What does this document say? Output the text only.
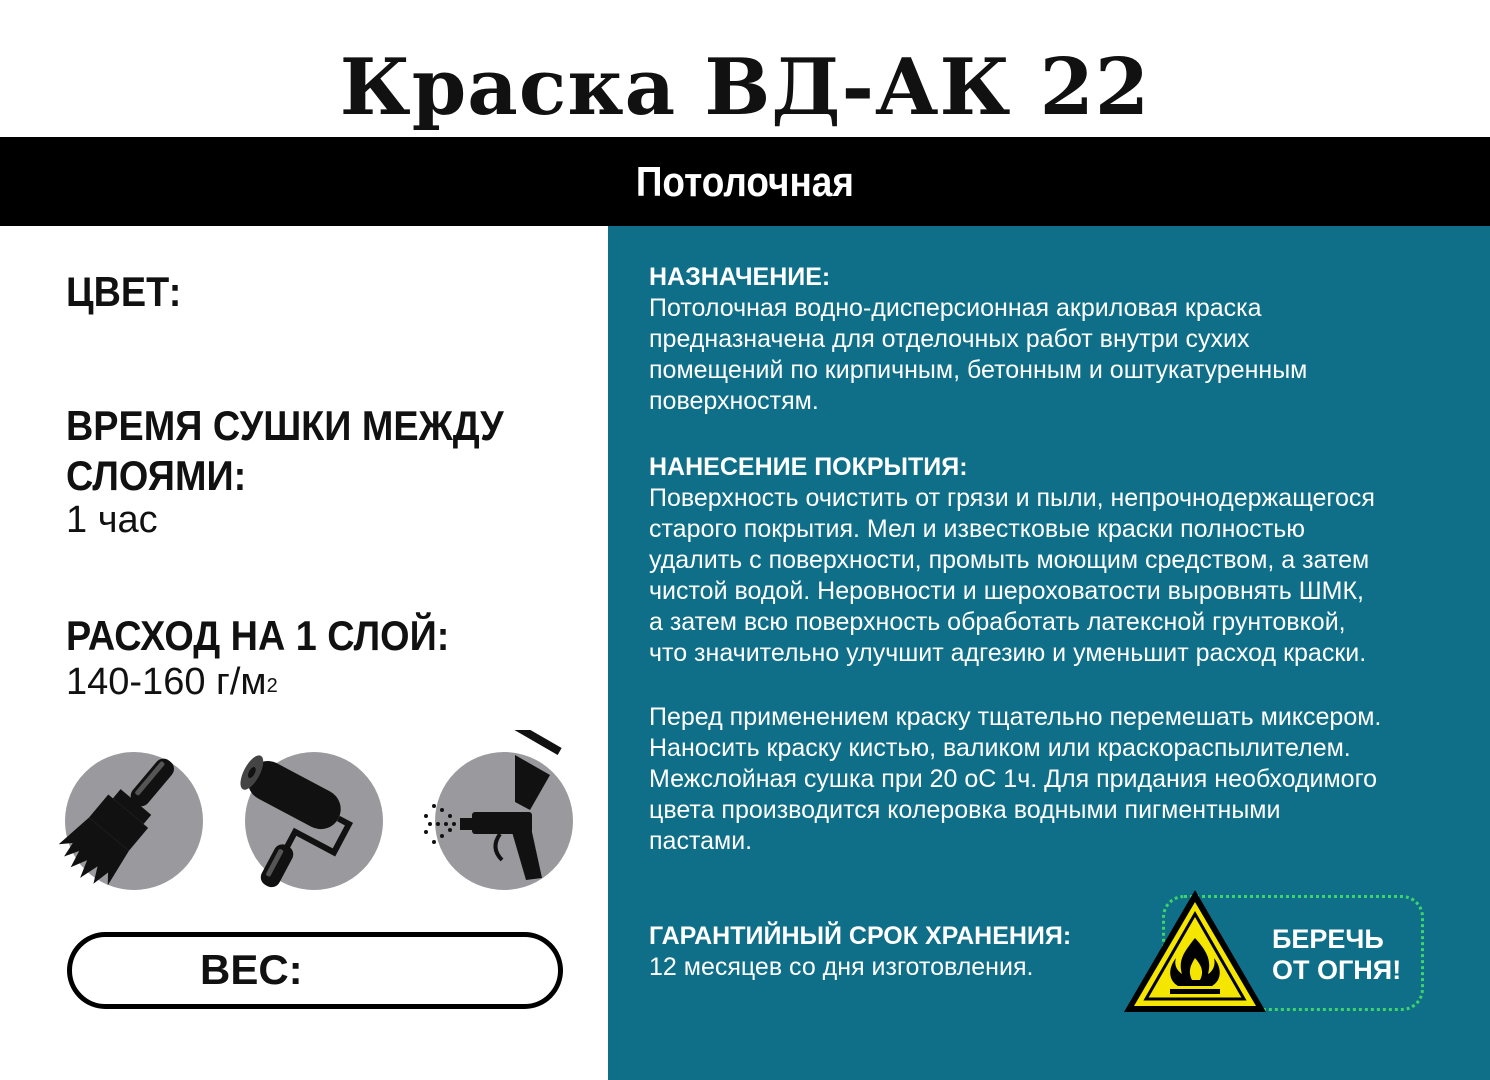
Краска ВД-АК 22
Потолочная
ЦВЕТ:
ВРЕМЯ СУШКИ МЕЖДУ
СЛОЯМИ:
1 час
РАСХОД НА 1 СЛОЙ:
140-160 $г/м^2$
ВЕС:
НАЗНАЧЕНИЕ:
Потолочная водно-дисперсионная акриловая краска
предназначена для отделочных работ внутри сухих
помещений по кирпичным, бетонным и оштукатуренным
поверхностям.
НАНЕСЕНИЕ ПОКРЫТИЯ:
Поверхность очистить от грязи и пыли, непрочнодержащегося
старого покрытия. Мел и известковые краски полностью
удалить с поверхности, промыть моющим средством, а затем
чистой водой. Неровности и шероховатости выровнять ШМК,
а затем всю поверхность обработать латексной грунтовкой,
что значительно улучшит адгезию и уменьшит расход краски.
Перед применением краску тщательно перемешать миксером.
Наносить краску кистью, валиком или краскораспылителем.
Межслойная сушка при 20 оС 1ч. Для придания необходимого
цвета производится колеровка водными пигментными
пастами.
ГАРАНТИЙНЫЙ СРОК ХРАНЕНИЯ:
12 месяцев со дня изготовления.
БЕРЕЧЬ
ОТ ОГНЯ!
